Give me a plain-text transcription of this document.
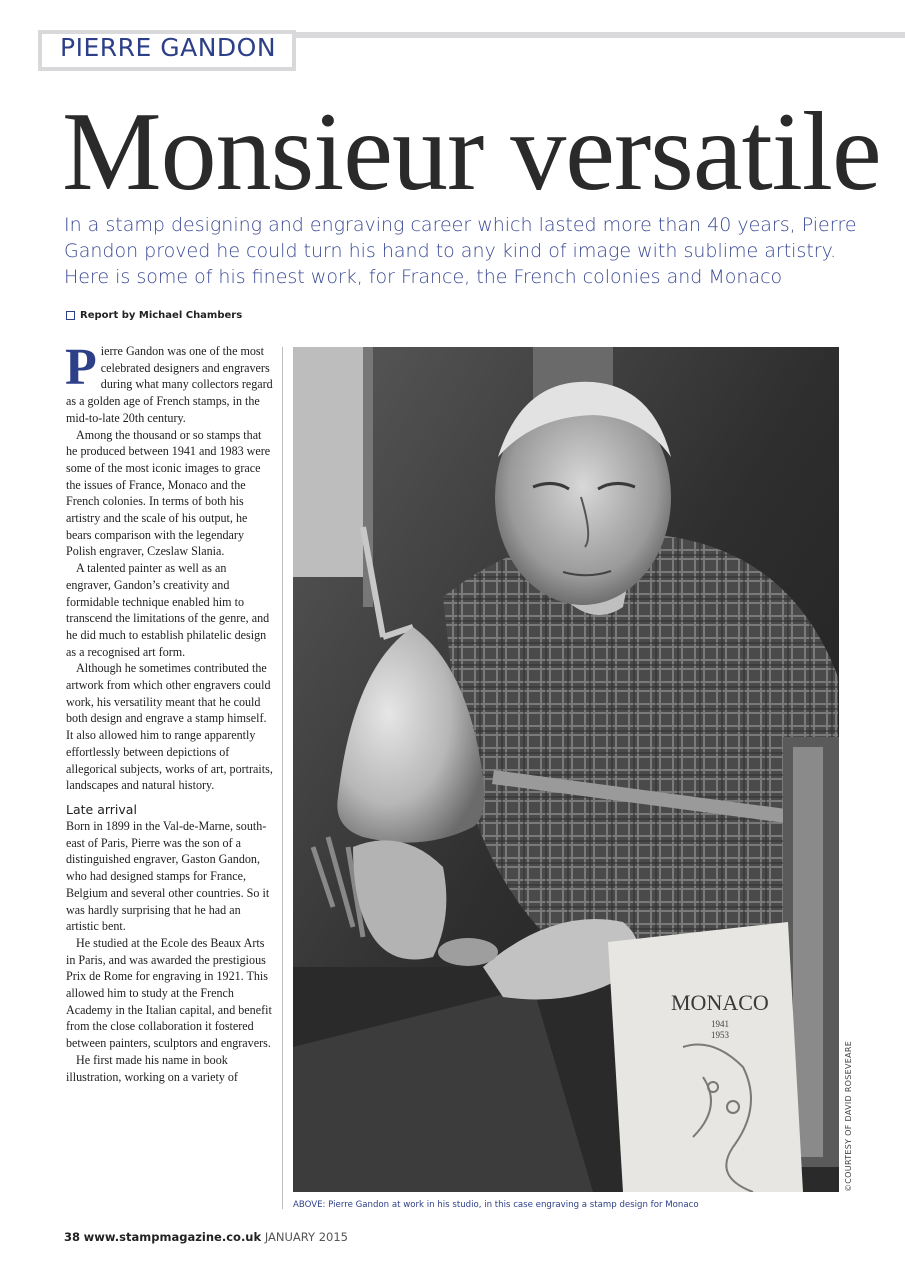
PIERRE GANDON
Monsieur versatile

In a stamp designing and engraving career which lasted more than 40 years, Pierre Gandon proved he could turn his hand to any kind of image with sublime artistry. Here is some of his finest work, for France, the French colonies and Monaco

Report by Michael Chambers

Pierre Gandon was one of the most celebrated designers and engravers during what many collectors regard as a golden age of French stamps, in the mid-to-late 20th century.

Among the thousand or so stamps that he produced between 1941 and 1983 were some of the most iconic images to grace the issues of France, Monaco and the French colonies. In terms of both his artistry and the scale of his output, he bears comparison with the legendary Polish engraver, Czeslaw Slania.

A talented painter as well as an engraver, Gandon’s creativity and formidable technique enabled him to transcend the limitations of the genre, and he did much to establish philatelic design as a recognised art form.

Although he sometimes contributed the artwork from which other engravers could work, his versatility meant that he could both design and engrave a stamp himself. It also allowed him to range apparently effortlessly between depictions of allegorical subjects, works of art, portraits, landscapes and natural history.

Late arrival

Born in 1899 in the Val-de-Marne, south-east of Paris, Pierre was the son of a distinguished engraver, Gaston Gandon, who had designed stamps for France, Belgium and several other countries. So it was hardly surprising that he had an artistic bent.

He studied at the Ecole des Beaux Arts in Paris, and was awarded the prestigious Prix de Rome for engraving in 1921. This allowed him to study at the French Academy in the Italian capital, and benefit from the close collaboration it fostered between painters, sculptors and engravers.

He first made his name in book illustration, working on a variety of

MONACO
1941
1953
©COURTESY OF DAVID ROSEVEARE
ABOVE: Pierre Gandon at work in his studio, in this case engraving a stamp design for Monaco
38 www.stampmagazine.co.uk JANUARY 2015
